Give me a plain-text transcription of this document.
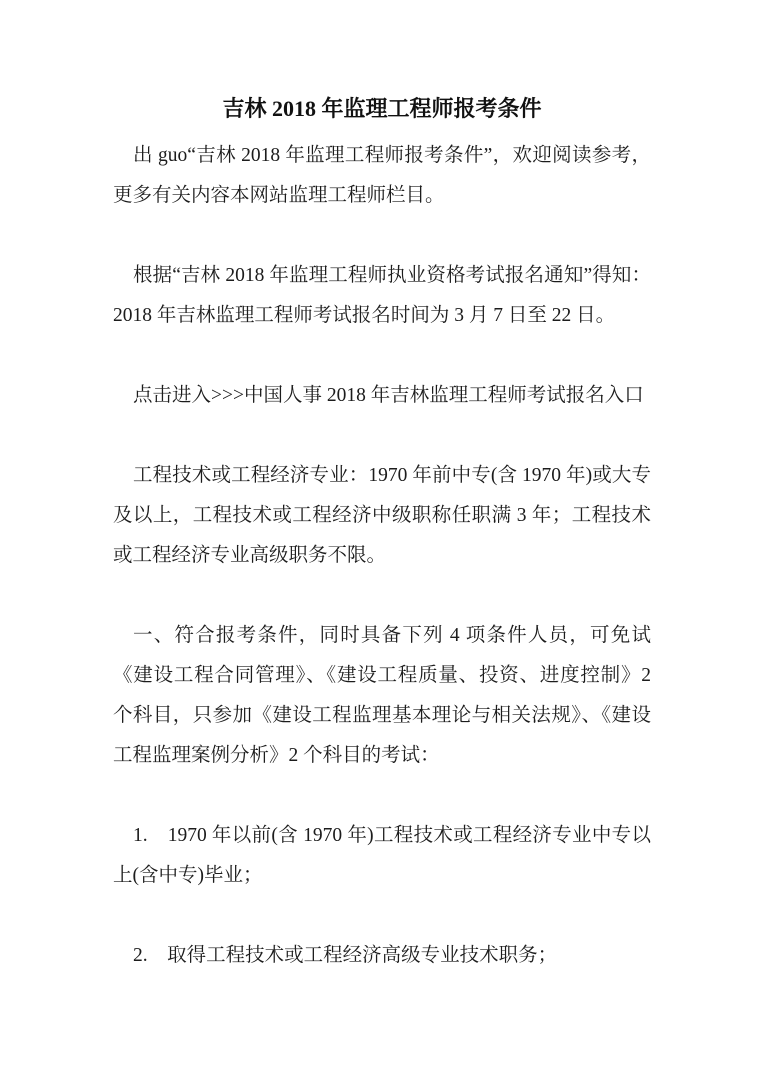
吉林 2018 年监理工程师报考条件

出 guo“吉林 2018 年监理工程师报考条件”，欢迎阅读参考，更多有关内容本网站监理工程师栏目。

根据“吉林 2018 年监理工程师执业资格考试报名通知”得知：2018 年吉林监理工程师考试报名时间为 3 月 7 日至 22 日。

点击进入>>>中国人事 2018 年吉林监理工程师考试报名入口

工程技术或工程经济专业：1970 年前中专(含 1970 年)或大专及以上，工程技术或工程经济中级职称任职满 3 年；工程技术或工程经济专业高级职务不限。

一、符合报考条件，同时具备下列 4 项条件人员，可免试《建设工程合同管理》、《建设工程质量、投资、进度控制》2 个科目，只参加《建设工程监理基本理论与相关法规》、《建设工程监理案例分析》2 个科目的考试：

1.　1970 年以前(含 1970 年)工程技术或工程经济专业中专以上(含中专)毕业；

2.　取得工程技术或工程经济高级专业技术职务；
